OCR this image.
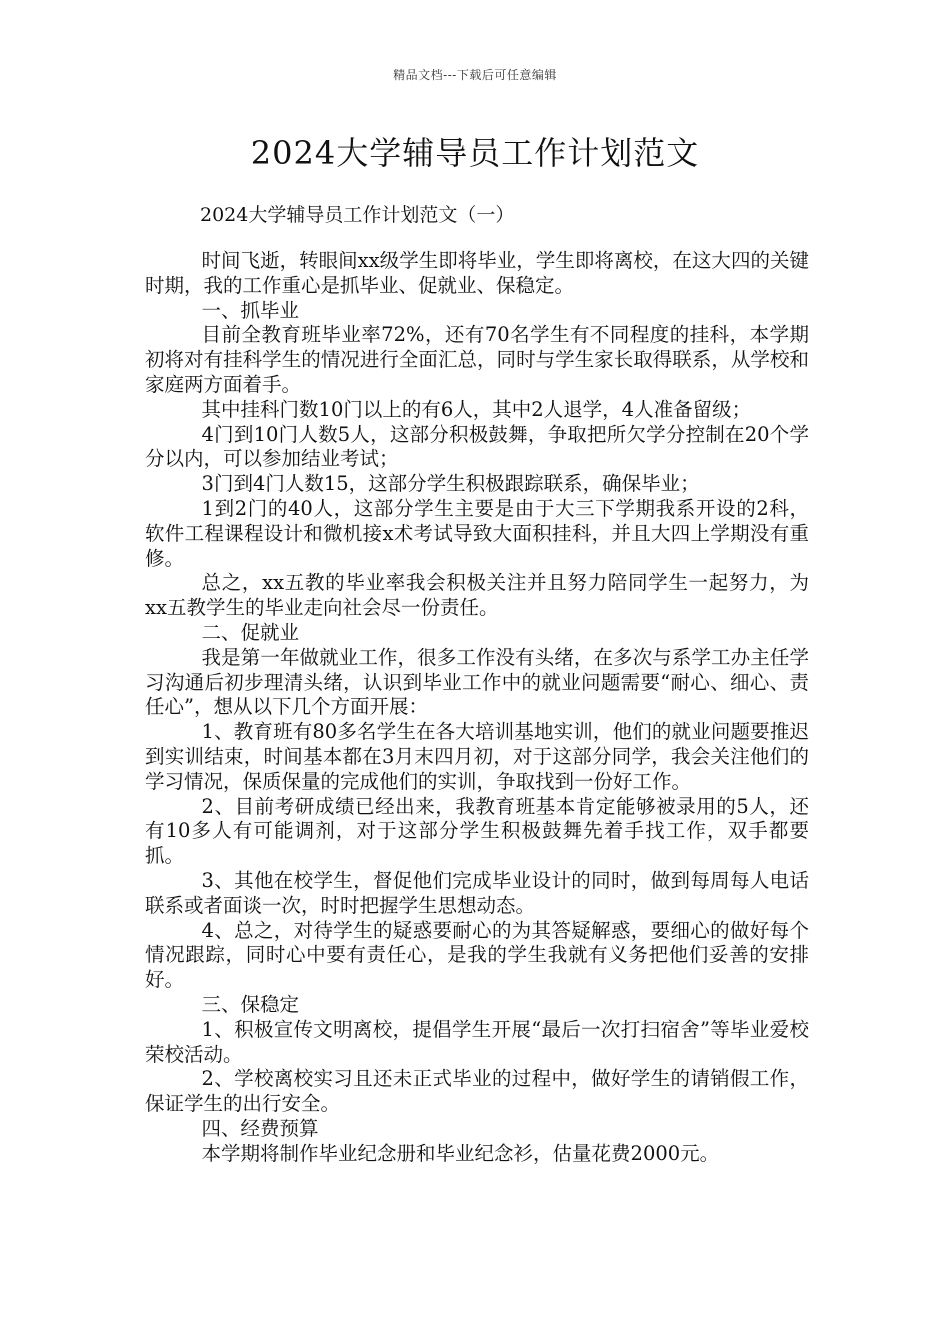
精品文档---下载后可任意编辑
2024大学辅导员工作计划范文

2024大学辅导员工作计划范文（一）

时间飞逝，转眼间xx级学生即将毕业，学生即将离校，在这大四的关键时期，我的工作重心是抓毕业、促就业、保稳定。

一、抓毕业

目前全教育班毕业率72%，还有70名学生有不同程度的挂科，本学期初将对有挂科学生的情况进行全面汇总，同时与学生家长取得联系，从学校和家庭两方面着手。

其中挂科门数10门以上的有6人，其中2人退学，4人准备留级；

4门到10门人数5人，这部分积极鼓舞，争取把所欠学分控制在20个学分以内，可以参加结业考试；

3门到4门人数15，这部分学生积极跟踪联系，确保毕业；

1到2门的40人，这部分学生主要是由于大三下学期我系开设的2科，软件工程课程设计和微机接x术考试导致大面积挂科，并且大四上学期没有重修。

总之，xx五教的毕业率我会积极关注并且努力陪同学生一起努力，为xx五教学生的毕业走向社会尽一份责任。

二、促就业

我是第一年做就业工作，很多工作没有头绪，在多次与系学工办主任学习沟通后初步理清头绪，认识到毕业工作中的就业问题需要“耐心、细心、责任心”，想从以下几个方面开展：

1、教育班有80多名学生在各大培训基地实训，他们的就业问题要推迟到实训结束，时间基本都在3月末四月初，对于这部分同学，我会关注他们的学习情况，保质保量的完成他们的实训，争取找到一份好工作。

2、目前考研成绩已经出来，我教育班基本肯定能够被录用的5人，还有10多人有可能调剂，对于这部分学生积极鼓舞先着手找工作，双手都要抓。

3、其他在校学生，督促他们完成毕业设计的同时，做到每周每人电话联系或者面谈一次，时时把握学生思想动态。

4、总之，对待学生的疑惑要耐心的为其答疑解惑，要细心的做好每个情况跟踪，同时心中要有责任心，是我的学生我就有义务把他们妥善的安排好。

三、保稳定

1、积极宣传文明离校，提倡学生开展“最后一次打扫宿舍”等毕业爱校荣校活动。

2、学校离校实习且还未正式毕业的过程中，做好学生的请销假工作，保证学生的出行安全。

四、经费预算

本学期将制作毕业纪念册和毕业纪念衫，估量花费2000元。
